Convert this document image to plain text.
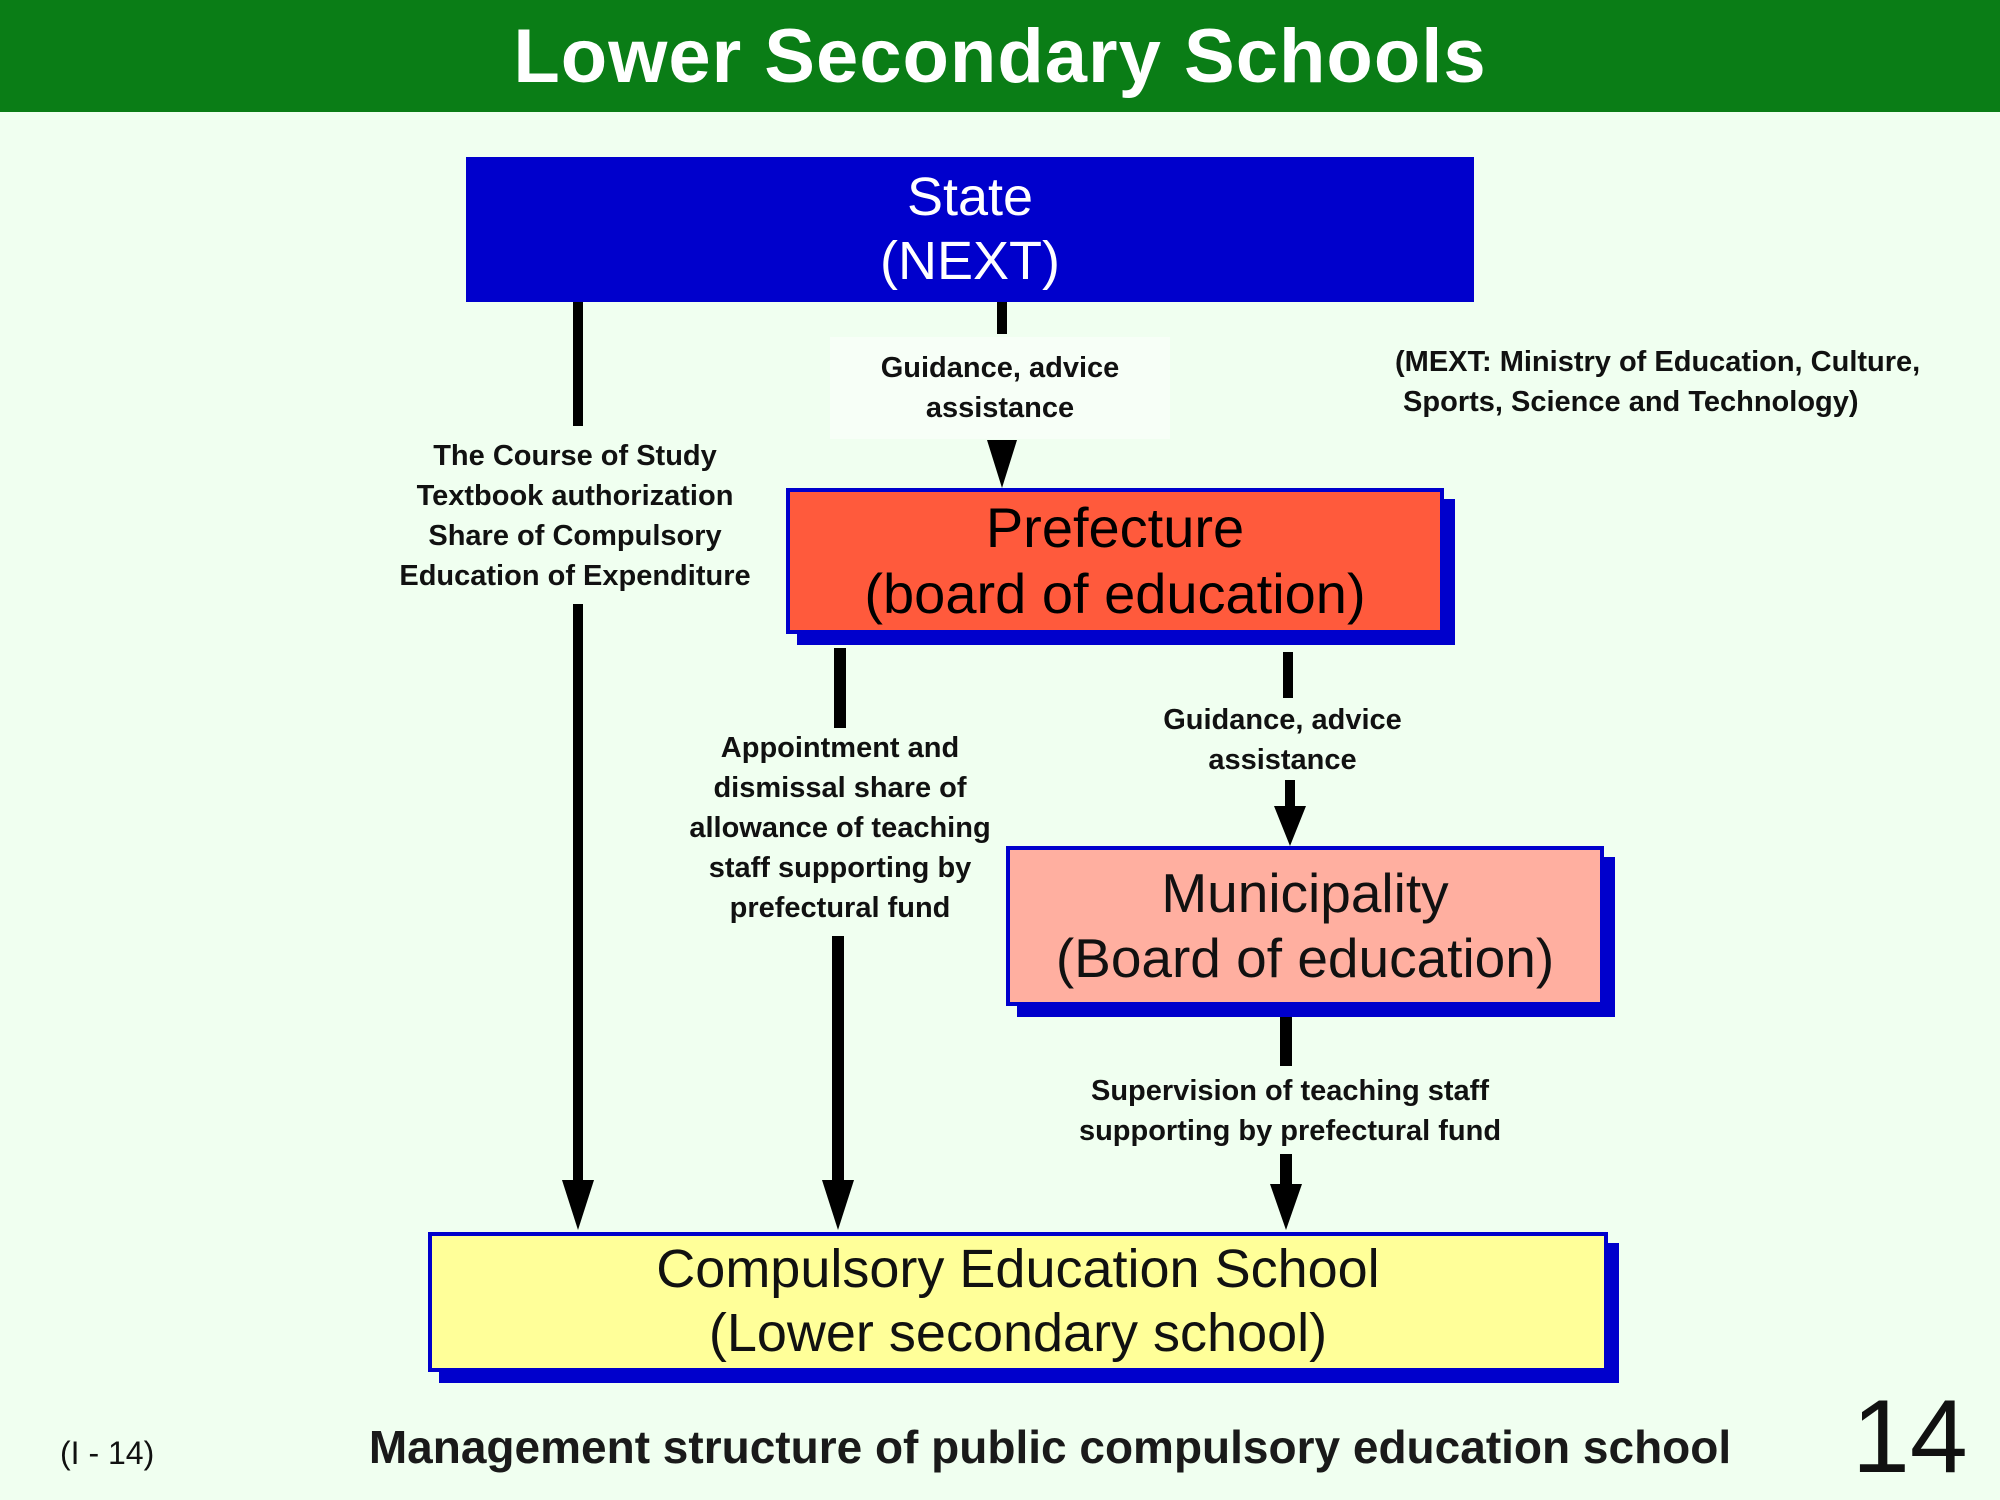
Lower Secondary Schools
State
(NEXT)
Prefecture
(board of education)
Municipality
(Board of education)
Compulsory Education School
(Lower secondary school)
Guidance, advice
assistance
The Course of Study
Textbook authorization
Share of Compulsory
Education of Expenditure
Appointment and
dismissal share of
allowance of teaching
staff supporting by
prefectural fund
Guidance, advice
assistance
Supervision of teaching staff
supporting by prefectural fund
(MEXT: Ministry of Education, Culture,
Sports, Science and Technology)
(I - 14)	Management structure of public compulsory education school 14
